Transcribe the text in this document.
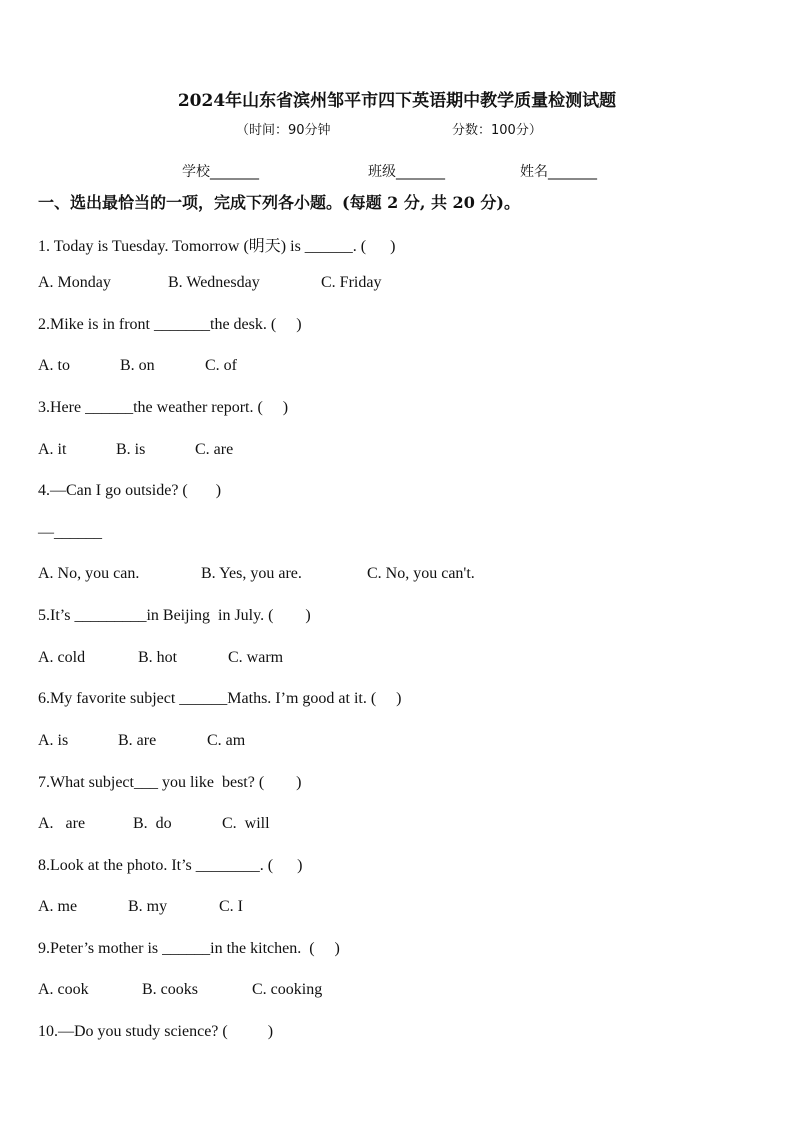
2024年山东省滨州邹平市四下英语期中教学质量检测试题
（时间：90分钟	分数：100分）
学校_______	班级_______	姓名_______
一、选出最恰当的一项，完成下列各小题。(每题 2 分, 共 20 分)。
1. Today is Tuesday. Tomorrow (明天) is ______. (      )
A. Monday	B. Wednesday	C. Friday
2.Mike is in front _______the desk. (     )
A. to	B. on	C. of
3.Here ______the weather report. (     )
A. it	B. is	C. are
4.—Can I go outside? (       )
—______
A. No, you can.	B. Yes, you are.	C. No, you can't.
5.It’s _________in Beijing  in July. (        )
A. cold	B. hot	C. warm
6.My favorite subject ______Maths. I’m good at it. (     )
A. is	B. are	C. am
7.What subject___ you like  best? (        )
A.   are	B.  do	C.  will
8.Look at the photo. It’s ________. (      )
A. me	B. my	C. I
9.Peter’s mother is ______in the kitchen.  (     )
A. cook	B. cooks	C. cooking
10.—Do you study science? (          )
